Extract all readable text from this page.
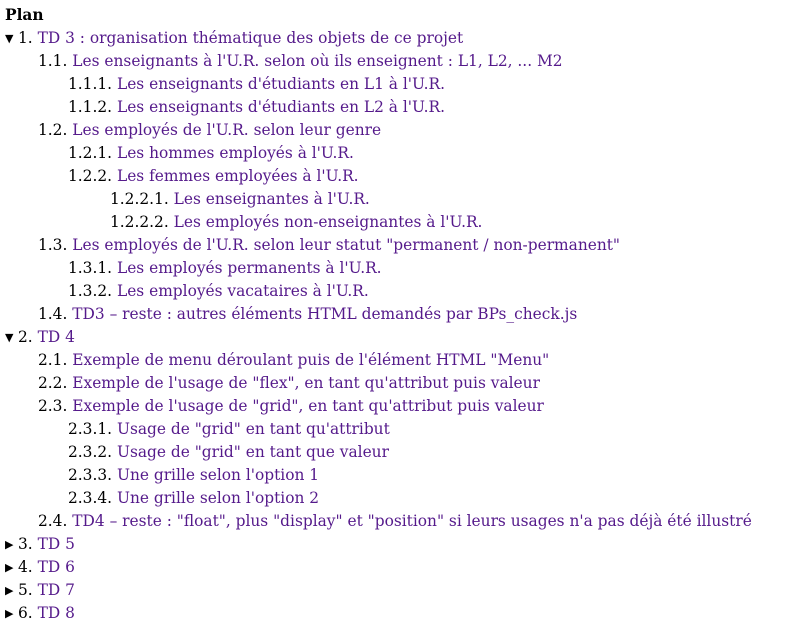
Plan
▼ 1. TD 3 : organisation thématique des objets de ce projet
1.1. Les enseignants à l'U.R. selon où ils enseignent : L1, L2, ... M2
1.1.1. Les enseignants d'étudiants en L1 à l'U.R.
1.1.2. Les enseignants d'étudiants en L2 à l'U.R.
1.2. Les employés de l'U.R. selon leur genre
1.2.1. Les hommes employés à l'U.R.
1.2.2. Les femmes employées à l'U.R.
1.2.2.1. Les enseignantes à l'U.R.
1.2.2.2. Les employés non-enseignantes à l'U.R.
1.3. Les employés de l'U.R. selon leur statut "permanent / non-permanent"
1.3.1. Les employés permanents à l'U.R.
1.3.2. Les employés vacataires à l'U.R.
1.4. TD3 – reste : autres éléments HTML demandés par BPs_check.js
▼ 2. TD 4
2.1. Exemple de menu déroulant puis de l'élément HTML "Menu"
2.2. Exemple de l'usage de "flex", en tant qu'attribut puis valeur
2.3. Exemple de l'usage de "grid", en tant qu'attribut puis valeur
2.3.1. Usage de "grid" en tant qu'attribut
2.3.2. Usage de "grid" en tant que valeur
2.3.3. Une grille selon l'option 1
2.3.4. Une grille selon l'option 2
2.4. TD4 – reste : "float", plus "display" et "position" si leurs usages n'a pas déjà été illustré
▶ 3. TD 5
▶ 4. TD 6
▶ 5. TD 7
▶ 6. TD 8
